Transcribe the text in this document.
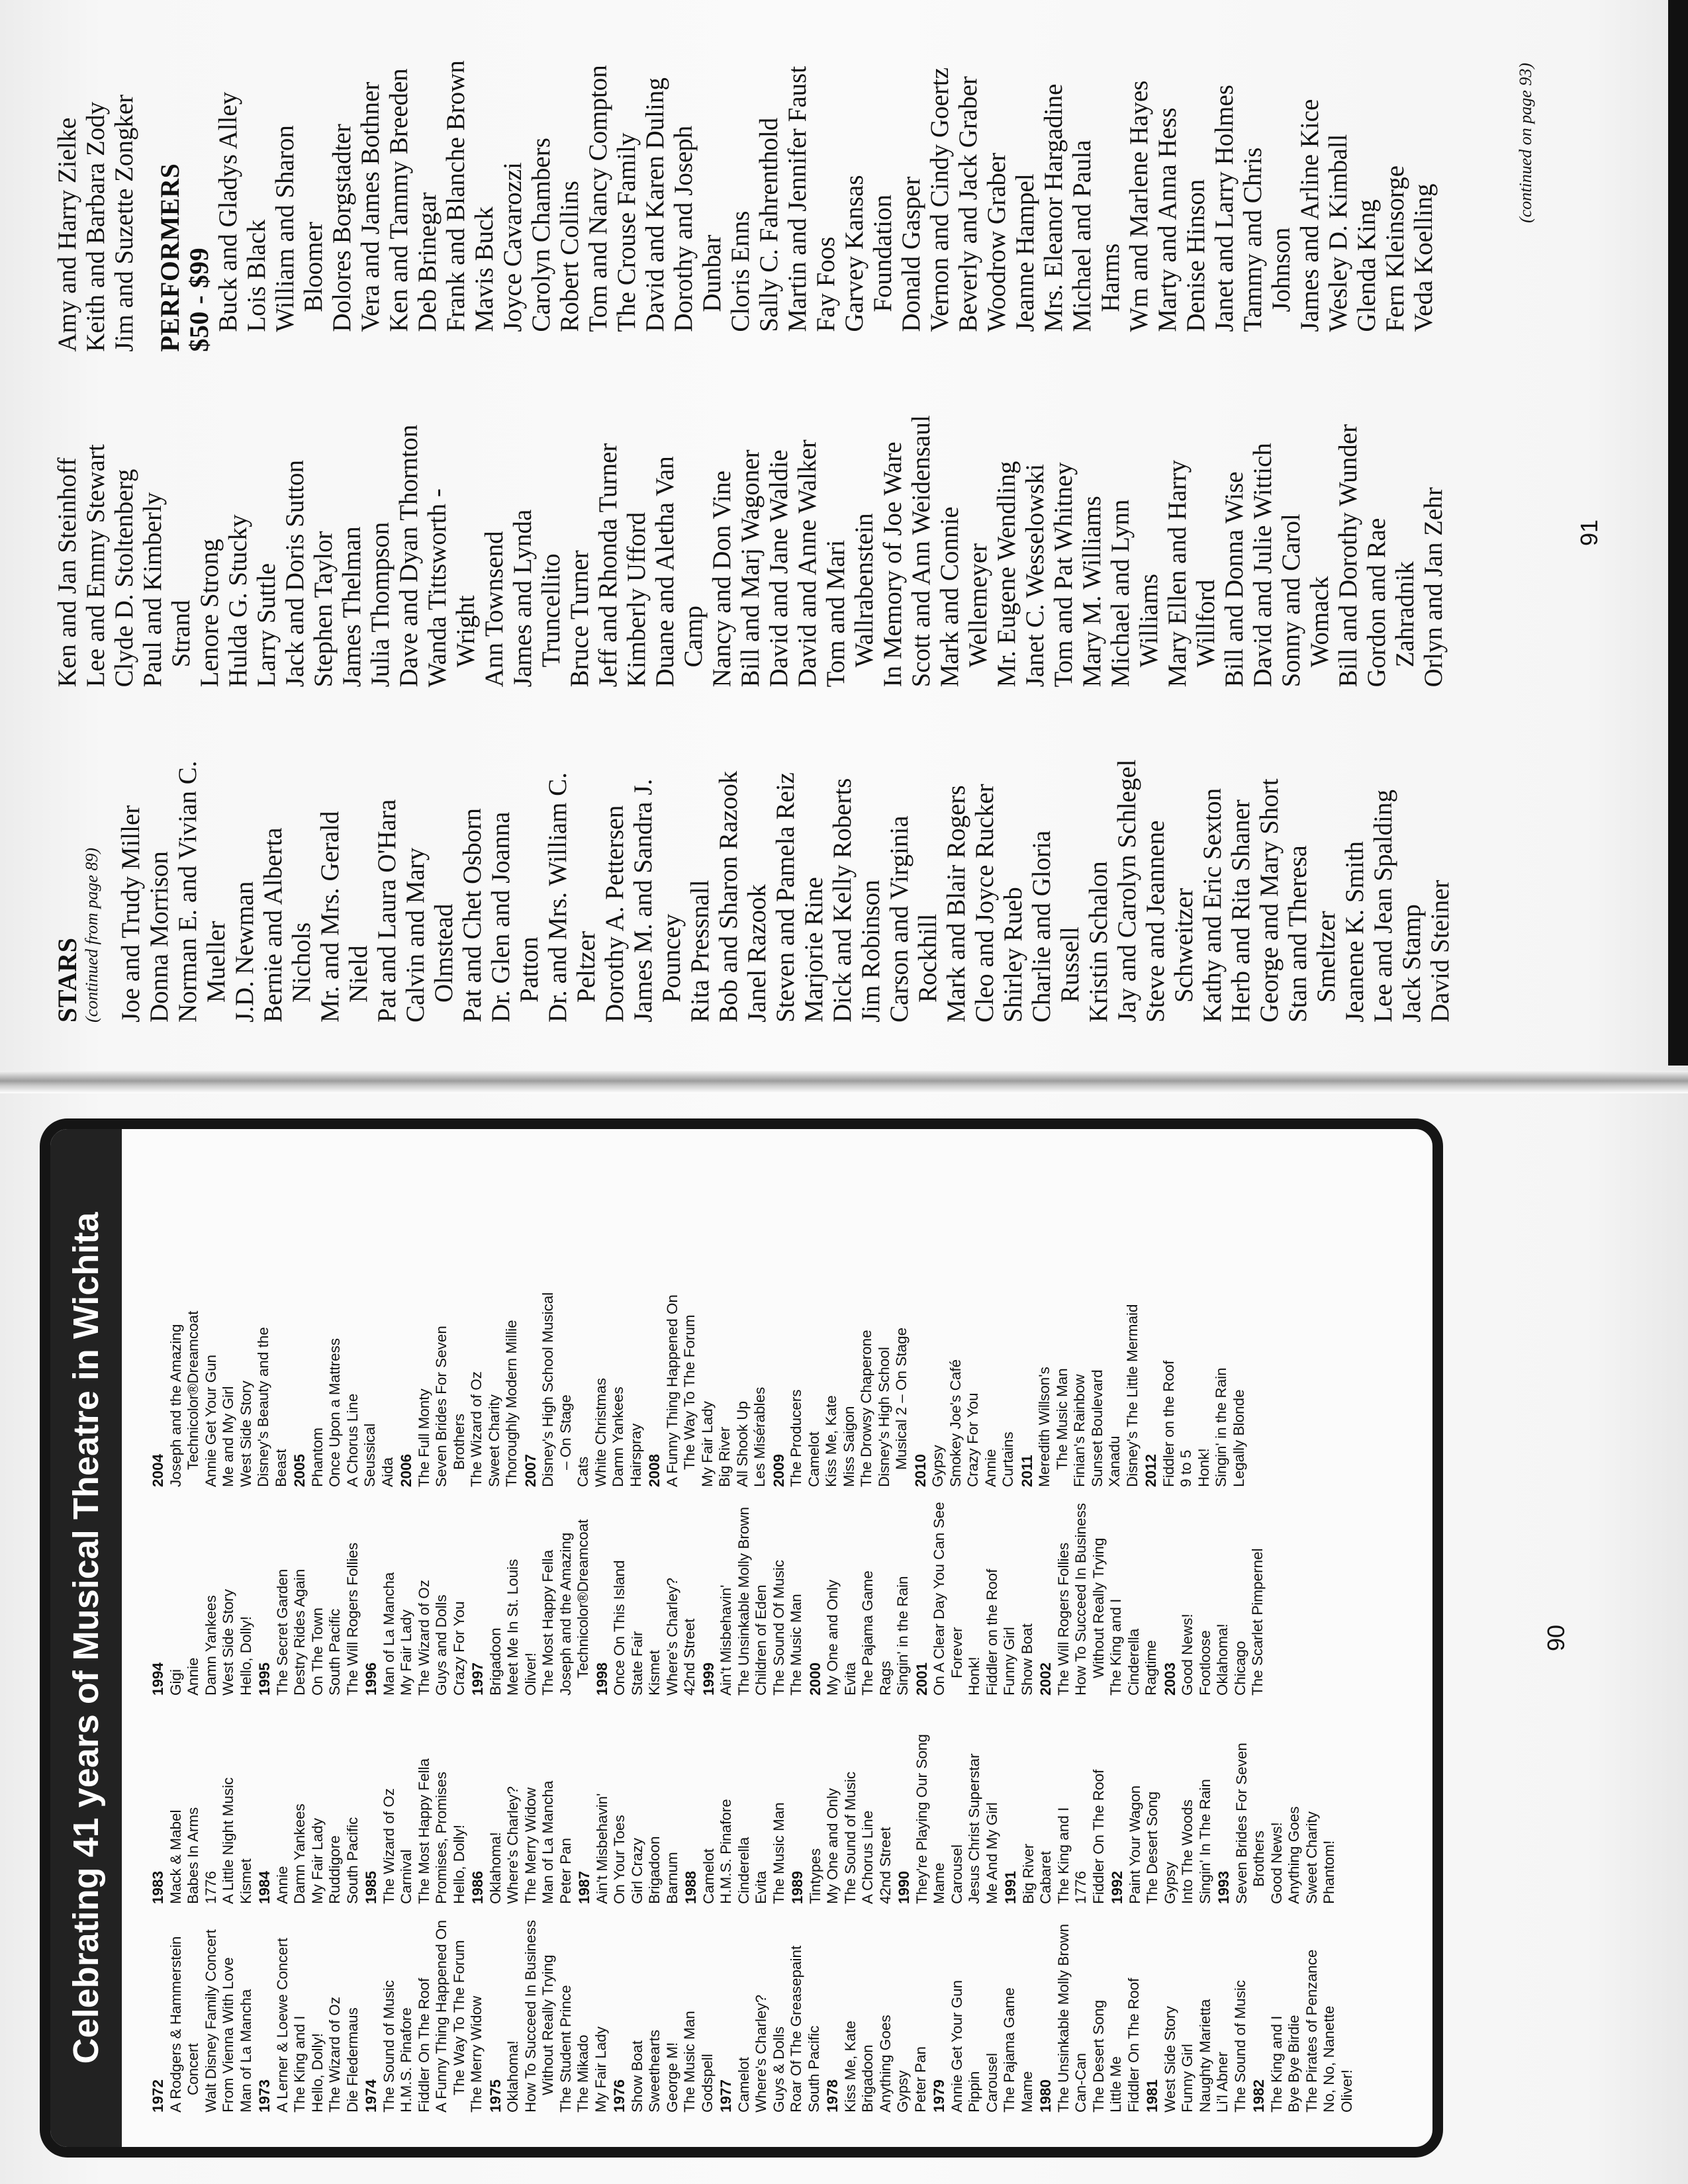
Celebrating 41 years of Musical Theatre in Wichita
1972 A Rodgers & Hammerstein Concert Walt Disney Family Concert From Vienna With Love Man of La Mancha 1973 A Lerner & Loewe Concert The King and I Hello, Dolly! The Wizard of Oz Die Fledermaus 1974 The Sound of Music H.M.S. Pinafore Fiddler On The Roof A Funny Thing Happened On The Way To The Forum The Merry Widow 1975 Oklahoma! How To Succeed In Business Without Really Trying The Student Prince The Mikado My Fair Lady 1976 Show Boat Sweethearts George M! The Music Man Godspell 1977 Camelot Where's Charley? Guys & Dolls Roar Of The Greasepaint South Pacific 1978 Kiss Me, Kate Brigadoon Anything Goes Gypsy Peter Pan 1979 Annie Get Your Gun Pippin Carousel The Pajama Game Mame 1980 The Unsinkable Molly Brown Can-Can The Desert Song Little Me Fiddler On The Roof 1981 West Side Story Funny Girl Naughty Marietta Li'l Abner The Sound of Music 1982 The King and I Bye Bye Birdie The Pirates of Penzance No, No, Nanette Oliver!
1983 Mack & Mabel Babes In Arms 1776 A Little Night Music Kismet 1984 Annie Damn Yankees My Fair Lady Ruddigore South Pacific 1985 The Wizard of Oz Carnival The Most Happy Fella Promises, Promises Hello, Dolly! 1986 Oklahoma! Where's Charley? The Merry Widow Man of La Mancha Peter Pan 1987 Ain't Misbehavin' On Your Toes Girl Crazy Brigadoon Barnum 1988 Camelot H.M.S. Pinafore Cinderella Evita The Music Man 1989 Tintypes My One and Only The Sound of Music A Chorus Line 42nd Street 1990 They're Playing Our Song Mame Carousel Jesus Christ Superstar Me And My Girl 1991 Big River Cabaret The King and I 1776 Fiddler On The Roof 1992 Paint Your Wagon The Desert Song Gypsy Into The Woods Singin' In The Rain 1993 Seven Brides For Seven Brothers Good News! Anything Goes Sweet Charity Phantom!
1994 Gigi Annie Damn Yankees West Side Story Hello, Dolly! 1995 The Secret Garden Destry Rides Again On The Town South Pacific The Will Rogers Follies 1996 Man of La Mancha My Fair Lady The Wizard of Oz Guys and Dolls Crazy For You 1997 Brigadoon Meet Me In St. Louis Oliver! The Most Happy Fella Joseph and the Amazing Technicolor®Dreamcoat
1998 Once On This Island State Fair Kismet Where's Charley? 42nd Street 1999 Ain't Misbehavin' The Unsinkable Molly Brown Children of Eden The Sound Of Music The Music Man 2000 My One and Only Evita The Pajama Game Rags Singin' in the Rain 2001 On A Clear Day You Can See Forever Honk! Fiddler on the Roof Funny Girl Show Boat 2002 The Will Rogers Follies How To Succeed In Business Without Really Trying The King and I Cinderella Ragtime 2003 Good News! Footloose Oklahoma! Chicago The Scarlet Pimpernel
2004 Joseph and the Amazing Technicolor®Dreamcoat Annie Get Your Gun Me and My Girl West Side Story Disney's Beauty and the Beast 2005 Phantom Once Upon a Mattress A Chorus Line Seussical Aida 2006 The Full Monty Seven Brides For Seven Brothers The Wizard of Oz Sweet Charity Thoroughly Modern Millie 2007 Disney's High School Musical – On Stage
Cats White Christmas Damn Yankees Hairspray 2008 A Funny Thing Happened On The Way To The Forum My Fair Lady Big River All Shook Up Les Misérables 2009 The Producers Camelot Kiss Me, Kate Miss Saigon The Drowsy Chaperone Disney's High School Musical 2 – On Stage
2010 Gypsy Smokey Joe's Café Crazy For You Annie Curtains 2011 Meredith Willson's The Music Man Finian's Rainbow Sunset Boulevard Xanadu Disney's The Little Mermaid 2012 Fiddler on the Roof 9 to 5 Honk! Singin' in the Rain Legally Blonde
90
STARS (continued from page 89) Joe and Trudy Miller Donna Morrison Norman E. and Vivian C. Mueller J.D. Newman Bernie and Alberta Nichols Mr. and Mrs. Gerald Nield Pat and Laura O'Hara Calvin and Mary Olmstead Pat and Chet Osborn Dr. Glen and Joanna Patton Dr. and Mrs. William C. Peltzer Dorothy A. Pettersen James M. and Sandra J. Pouncey Rita Pressnall Bob and Sharon Razook Janel Razook Steven and Pamela Reiz Marjorie Rine Dick and Kelly Roberts Jim Robinson Carson and Virginia Rockhill Mark and Blair Rogers Cleo and Joyce Rucker Shirley Rueb Charlie and Gloria Russell Kristin Schalon Jay and Carolyn Schlegel Steve and Jeannene Schweitzer Kathy and Eric Sexton Herb and Rita Shaner George and Mary Short Stan and Theresa Smeltzer Jeanene K. Smith Lee and Jean Spalding Jack Stamp David Steiner
Ken and Jan Steinhoff Lee and Emmy Stewart Clyde D. Stoltenberg Paul and Kimberly Strand Lenore Strong Hulda G. Stucky Larry Suttle Jack and Doris Sutton Stephen Taylor James Thelman Julia Thompson Dave and Dyan Thornton Wanda Tittsworth - Wright Ann Townsend James and Lynda Truncellito Bruce Turner Jeff and Rhonda Turner Kimberly Ufford Duane and Aletha Van Camp Nancy and Don Vine Bill and Marj Wagoner David and Jane Waldie David and Anne Walker Tom and Mari Wallrabenstein In Memory of Joe Ware Scott and Ann Weidensaul Mark and Connie Wellemeyer Mr. Eugene Wendling Janet C. Wesselowski Tom and Pat Whitney Mary M. Williams Michael and Lynn Williams Mary Ellen and Harry Willford Bill and Donna Wise David and Julie Wittich Sonny and Carol Womack Bill and Dorothy Wunder Gordon and Rae Zahradnik Orlyn and Jan Zehr
Amy and Harry Zielke Keith and Barbara Zody Jim and Suzette Zongker PERFORMERS $50 - $99 Buck and Gladys Alley Lois Black William and Sharon Bloomer Dolores Borgstadter Vera and James Bothner Ken and Tammy Breeden Deb Brinegar Frank and Blanche Brown Mavis Buck Joyce Cavarozzi Carolyn Chambers Robert Collins Tom and Nancy Compton The Crouse Family David and Karen Duling Dorothy and Joseph Dunbar Cloris Enns Sally C. Fahrenthold Martin and Jennifer Faust Fay Foos Garvey Kansas Foundation Donald Gasper Vernon and Cindy Goertz Beverly and Jack Graber Woodrow Graber Jeanne Hampel Mrs. Eleanor Hargadine Michael and Paula Harms Wm and Marlene Hayes Marty and Anna Hess Denise Hinson Janet and Larry Holmes Tammy and Chris Johnson James and Arline Kice Wesley D. Kimball Glenda King Fern Kleinsorge Veda Koelling
(continued on page 93)
91
